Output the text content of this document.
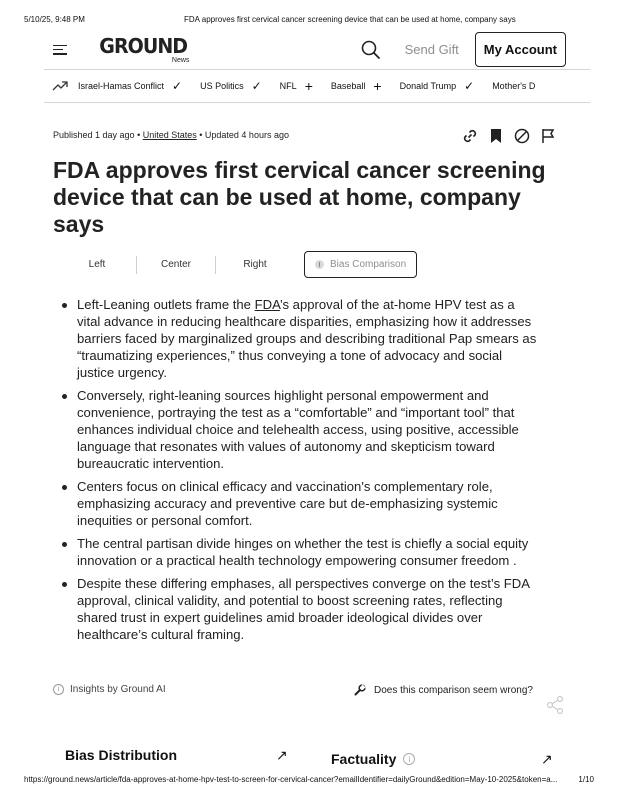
5/10/25, 9:48 PM	FDA approves first cervical cancer screening device that can be used at home, company says
GROUND
News
Send Gift	My Account
Israel-Hamas Conflict ✓ US Politics ✓ NFL + Baseball + Donald Trump ✓ Mother's D
Published 1 day ago • United States • Updated 4 hours ago
FDA approves first cervical cancer screening device that can be used at home, company says
Left	Center	Right	Bias Comparison
Left-Leaning outlets frame the FDA’s approval of the at-home HPV test as a vital advance in reducing healthcare disparities, emphasizing how it addresses barriers faced by marginalized groups and describing traditional Pap smears as “traumatizing experiences,” thus conveying a tone of advocacy and social justice urgency.
Conversely, right-leaning sources highlight personal empowerment and convenience, portraying the test as a “comfortable” and “important tool” that enhances individual choice and telehealth access, using positive, accessible language that resonates with values of autonomy and skepticism toward bureaucratic intervention.
Centers focus on clinical efficacy and vaccination's complementary role, emphasizing accuracy and preventive care but de-emphasizing systemic inequities or personal comfort.
The central partisan divide hinges on whether the test is chiefly a social equity innovation or a practical health technology empowering consumer freedom .
Despite these differing emphases, all perspectives converge on the test’s FDA approval, clinical validity, and potential to boost screening rates, reflecting shared trust in expert guidelines amid broader ideological divides over healthcare’s cultural framing.
i	Insights by Ground AI	Does this comparison seem wrong?
Bias Distribution	↗	Factuality	i	↗
https://ground.news/article/fda-approves-at-home-hpv-test-to-screen-for-cervical-cancer?emailIdentifier=dailyGround&edition=May-10-2025&token=a...	1/10
